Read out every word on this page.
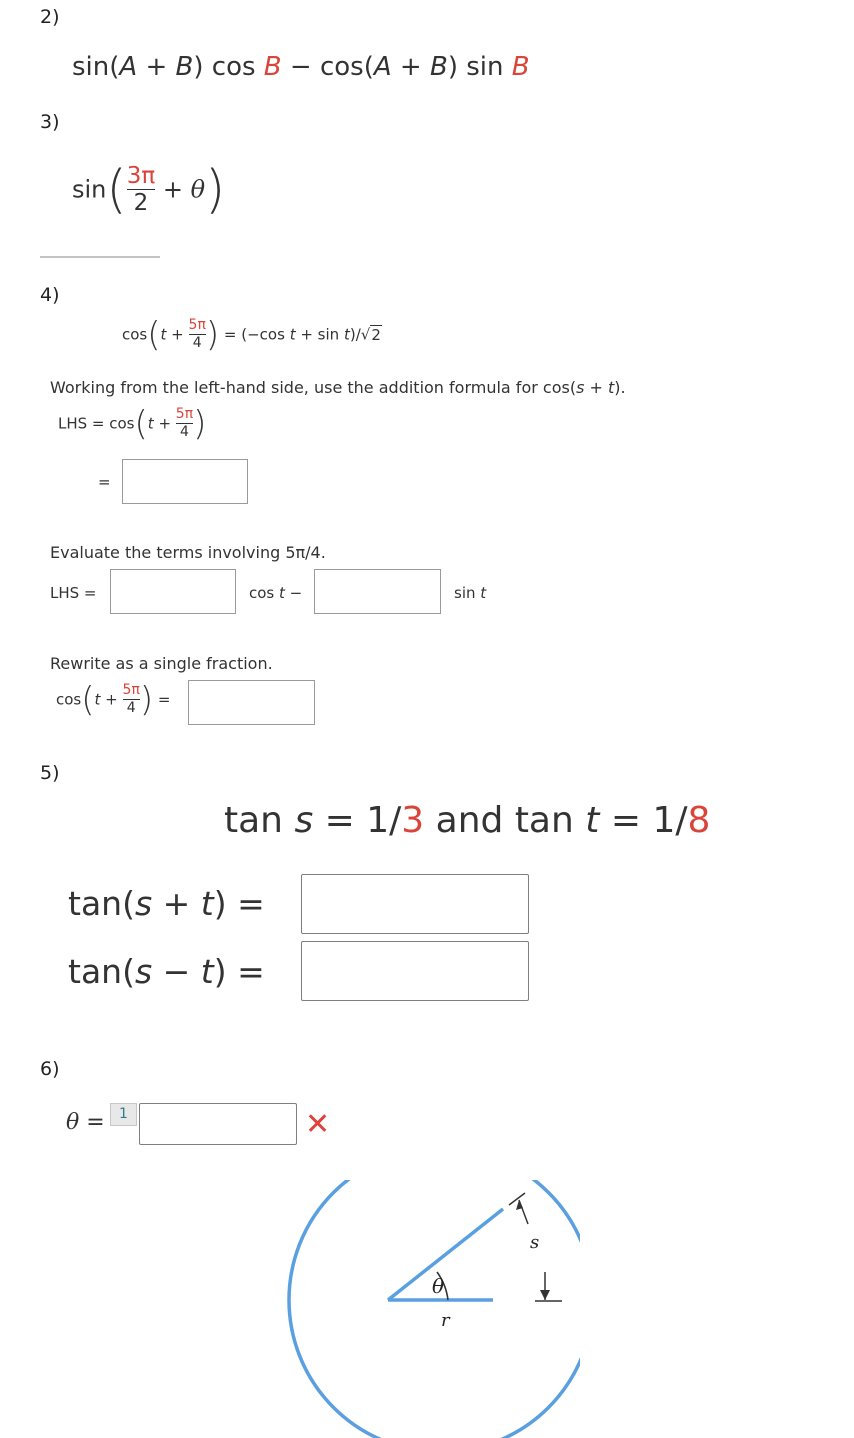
2)
sin(A + B) cos B − cos(A + B) sin B
3)
$\sin( \frac{3\pi}{2} + \theta)$
4)
$\cos(t + \frac{5\pi}{4}$ ) = (−cos t + sin t)/√2
Working from the left-hand side, use the addition formula for cos(s + t).
LHS = $\cos(t + \frac{5\pi}{4}$ )
=
Evaluate the terms involving 5π/4.
LHS =	cos t −	sin t
Rewrite as a single fraction.
$\cos(t + \frac{5\pi}{4}$ ) =
5)
tan s = 1/3 and tan t = 1/8
tan(s + t) =
tan(s − t) =
6)
θ =	1	✕
θ
r
s
